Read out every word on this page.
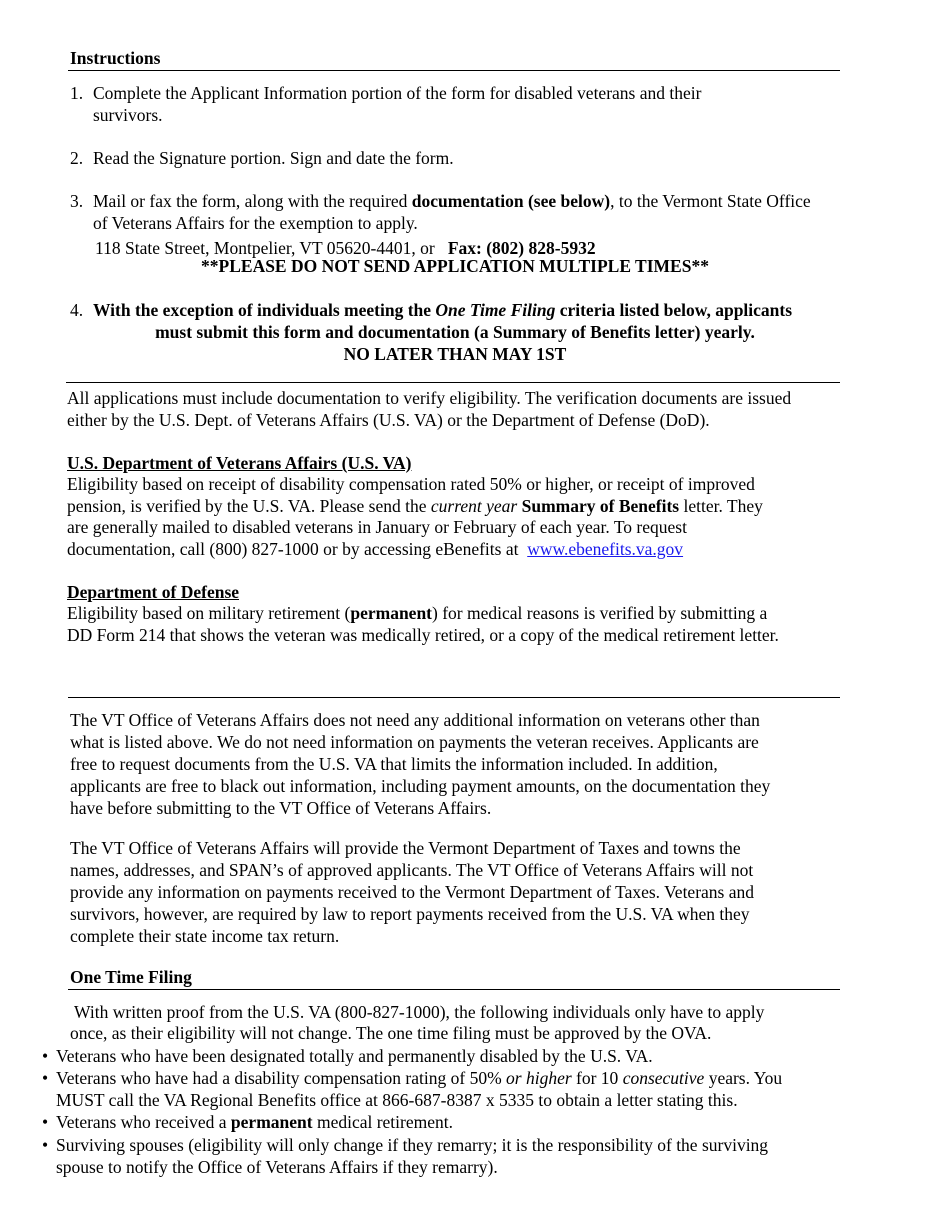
Instructions
1. Complete the Applicant Information portion of the form for disabled veterans and their survivors.
2. Read the Signature portion. Sign and date the form.
3. Mail or fax the form, along with the required documentation (see below), to the Vermont State Office of Veterans Affairs for the exemption to apply.
118 State Street, Montpelier, VT 05620-4401, or Fax: (802) 828-5932
**PLEASE DO NOT SEND APPLICATION MULTIPLE TIMES**
4. With the exception of individuals meeting the One Time Filing criteria listed below, applicants
must submit this form and documentation (a Summary of Benefits letter) yearly.
NO LATER THAN MAY 1ST
All applications must include documentation to verify eligibility. The verification documents are issued either by the U.S. Dept. of Veterans Affairs (U.S. VA) or the Department of Defense (DoD).
U.S. Department of Veterans Affairs (U.S. VA)
Eligibility based on receipt of disability compensation rated 50% or higher, or receipt of improved
pension, is verified by the U.S. VA. Please send the current year Summary of Benefits letter. They
are generally mailed to disabled veterans in January or February of each year. To request
documentation, call (800) 827-1000 or by accessing eBenefits at www.ebenefits.va.gov
Department of Defense
Eligibility based on military retirement (permanent) for medical reasons is verified by submitting a
DD Form 214 that shows the veteran was medically retired, or a copy of the medical retirement letter.
The VT Office of Veterans Affairs does not need any additional information on veterans other than
what is listed above. We do not need information on payments the veteran receives. Applicants are
free to request documents from the U.S. VA that limits the information included. In addition,
applicants are free to black out information, including payment amounts, on the documentation they
have before submitting to the VT Office of Veterans Affairs.
The VT Office of Veterans Affairs will provide the Vermont Department of Taxes and towns the
names, addresses, and SPAN’s of approved applicants. The VT Office of Veterans Affairs will not
provide any information on payments received to the Vermont Department of Taxes. Veterans and
survivors, however, are required by law to report payments received from the U.S. VA when they
complete their state income tax return.
One Time Filing
With written proof from the U.S. VA (800-827-1000), the following individuals only have to apply
once, as their eligibility will not change. The one time filing must be approved by the OVA.
• Veterans who have been designated totally and permanently disabled by the U.S. VA.
• Veterans who have had a disability compensation rating of 50% or higher for 10 consecutive years. You
MUST call the VA Regional Benefits office at 866-687-8387 x 5335 to obtain a letter stating this.
• Veterans who received a permanent medical retirement.
• Surviving spouses (eligibility will only change if they remarry; it is the responsibility of the surviving
spouse to notify the Office of Veterans Affairs if they remarry).
